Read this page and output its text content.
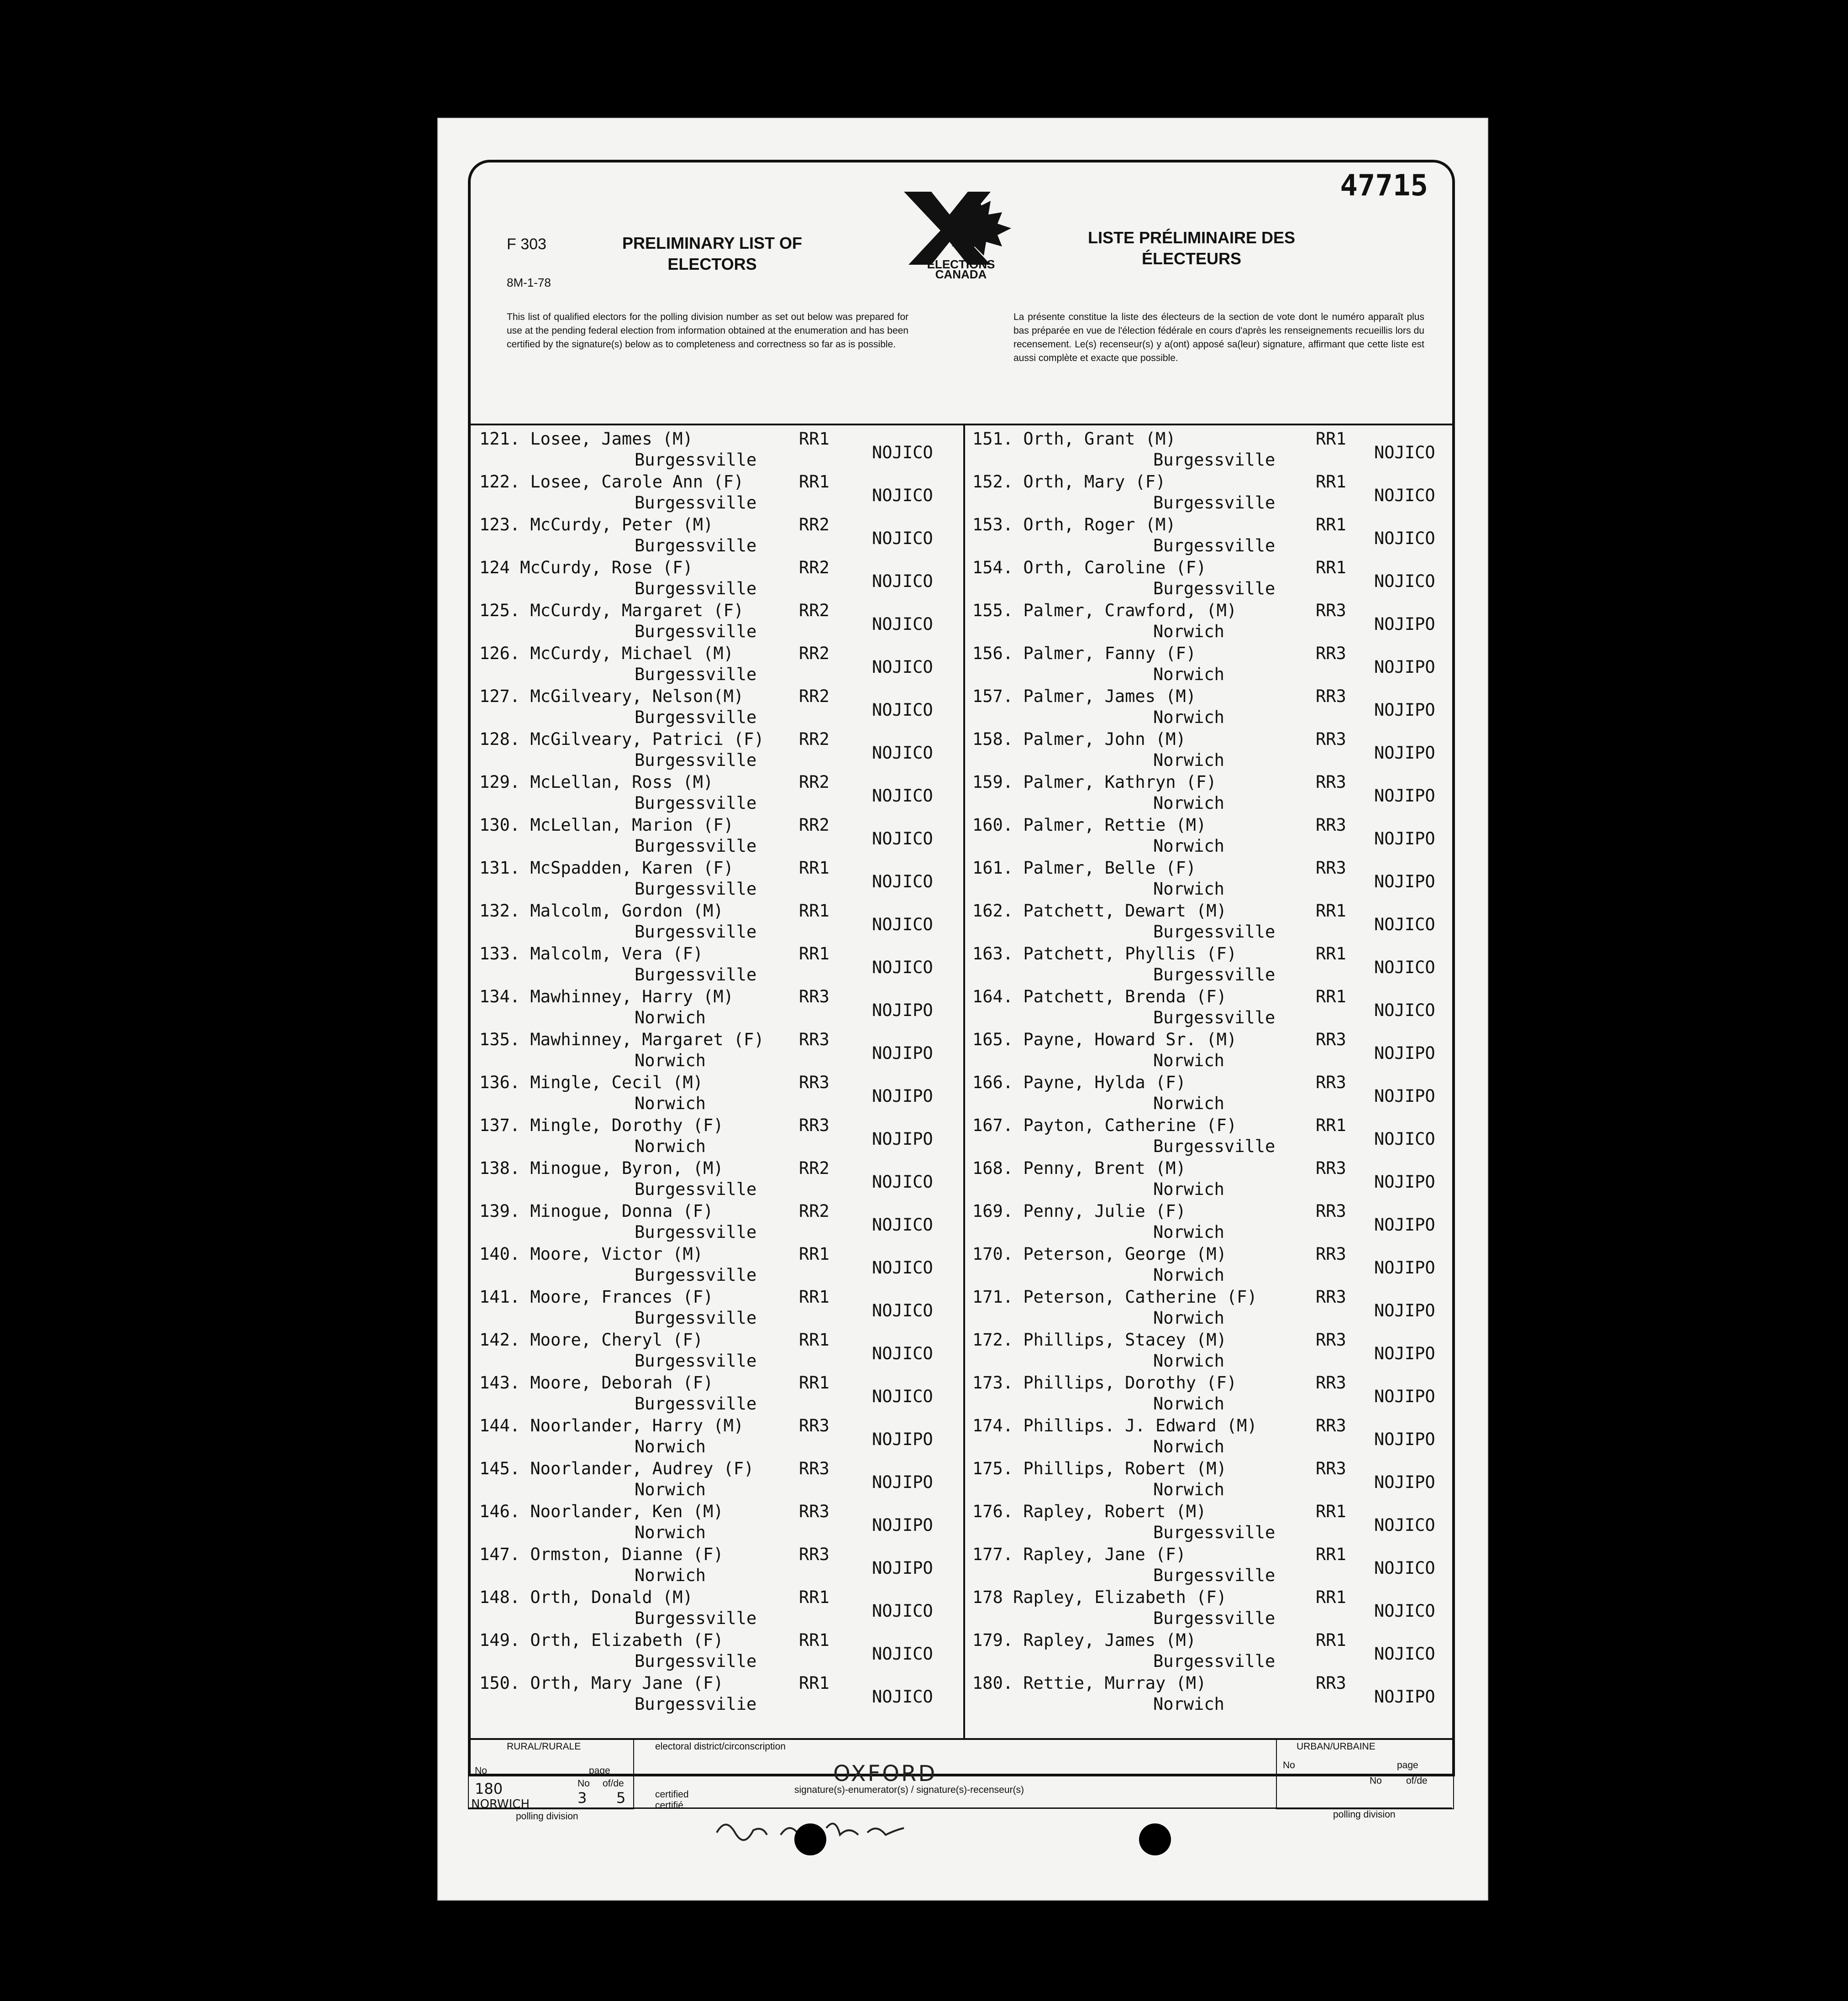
47715
F 303
8M-1-78
PRELIMINARY LIST OF ELECTORS
LISTE PRÉLIMINAIRE DES ÉLECTEURS
ELECTIONS
CANADA
This list of qualified electors for the polling division number as set out below was prepared for use at the pending federal election from information obtained at the enumeration and has been certified by the signature(s) below as to completeness and correctness so far as is possible.
La présente constitue la liste des électeurs de la section de vote dont le numéro apparaît plus bas préparée en vue de l'élection fédérale en cours d'après les renseignements recueillis lors du recensement. Le(s) recenseur(s) y a(ont) apposé sa(leur) signature, affirmant que cette liste est aussi complète et exacte que possible.
121. Losee, James (M)	RR1
Burgessville	NOJICO
122. Losee, Carole Ann (F)	RR1
Burgessville	NOJICO
123. McCurdy, Peter (M)	RR2
Burgessville	NOJICO
124 McCurdy, Rose (F)	RR2
Burgessville	NOJICO
125. McCurdy, Margaret (F)	RR2
Burgessville	NOJICO
126. McCurdy, Michael (M)	RR2
Burgessville	NOJICO
127. McGilveary, Nelson(M)	RR2
Burgessville	NOJICO
128. McGilveary, Patrici (F) RR2
Burgessville	NOJICO
129. McLellan, Ross (M)	RR2
Burgessville	NOJICO
130. McLellan, Marion (F)	RR2
Burgessville	NOJICO
131. McSpadden, Karen (F)	RR1
Burgessville	NOJICO
132. Malcolm, Gordon (M)	RR1
Burgessville	NOJICO
133. Malcolm, Vera (F)	RR1
Burgessville	NOJICO
134. Mawhinney, Harry (M)	RR3
Norwich	NOJIPO
135. Mawhinney, Margaret (F) RR3
Norwich	NOJIPO
136. Mingle, Cecil (M)	RR3
Norwich	NOJIPO
137. Mingle, Dorothy (F)	RR3
Norwich	NOJIPO
138. Minogue, Byron, (M)	RR2
Burgessville	NOJICO
139. Minogue, Donna (F)	RR2
Burgessville	NOJICO
140. Moore, Victor (M)	RR1
Burgessville	NOJICO
141. Moore, Frances (F)	RR1
Burgessville	NOJICO
142. Moore, Cheryl (F)	RR1
Burgessville	NOJICO
143. Moore, Deborah (F)	RR1
Burgessville	NOJICO
144. Noorlander, Harry (M)	RR3
Norwich	NOJIPO
145. Noorlander, Audrey (F)	RR3
Norwich	NOJIPO
146. Noorlander, Ken (M)	RR3
Norwich	NOJIPO
147. Ormston, Dianne (F)	RR3
Norwich	NOJIPO
148. Orth, Donald (M)	RR1
Burgessville	NOJICO
149. Orth, Elizabeth (F)	RR1
Burgessville	NOJICO
150. Orth, Mary Jane (F)	RR1
Burgessvilie	NOJICO
151. Orth, Grant (M)	RR1
Burgessville	NOJICO
152. Orth, Mary (F)	RR1
Burgessville	NOJICO
153. Orth, Roger (M)	RR1
Burgessville	NOJICO
154. Orth, Caroline (F)	RR1
Burgessville	NOJICO
155. Palmer, Crawford, (M)	RR3
Norwich	NOJIPO
156. Palmer, Fanny (F)	RR3
Norwich	NOJIPO
157. Palmer, James (M)	RR3
Norwich	NOJIPO
158. Palmer, John (M)	RR3
Norwich	NOJIPO
159. Palmer, Kathryn (F)	RR3
Norwich	NOJIPO
160. Palmer, Rettie (M)	RR3
Norwich	NOJIPO
161. Palmer, Belle (F)	RR3
Norwich	NOJIPO
162. Patchett, Dewart (M)	RR1
Burgessville	NOJICO
163. Patchett, Phyllis (F)	RR1
Burgessville	NOJICO
164. Patchett, Brenda (F)	RR1
Burgessville	NOJICO
165. Payne, Howard Sr. (M)	RR3
Norwich	NOJIPO
166. Payne, Hylda (F)	RR3
Norwich	NOJIPO
167. Payton, Catherine (F)	RR1
Burgessville	NOJICO
168. Penny, Brent (M)	RR3
Norwich	NOJIPO
169. Penny, Julie (F)	RR3
Norwich	NOJIPO
170. Peterson, George (M)	RR3
Norwich	NOJIPO
171. Peterson, Catherine (F)	RR3
Norwich	NOJIPO
172. Phillips, Stacey (M)	RR3
Norwich	NOJIPO
173. Phillips, Dorothy (F)	RR3
Norwich	NOJIPO
174. Phillips. J. Edward (M)	RR3
Norwich	NOJIPO
175. Phillips, Robert (M)	RR3
Norwich	NOJIPO
176. Rapley, Robert (M)	RR1
Burgessville	NOJICO
177. Rapley, Jane (F)	RR1
Burgessville	NOJICO
178 Rapley, Elizabeth (F)	RR1
Burgessville	NOJICO
179. Rapley, James (M)	RR1
Burgessville	NOJICO
180. Rettie, Murray (M)	RR3
Norwich	NOJIPO
RURAL/RURALE
No	page
No of/de
180
NORWICH	3 5
polling division
electoral district/circonscription
OXFORD
certified certifié
signature(s)-enumerator(s) / signature(s)-recenseur(s)
URBAN/URBAINE
No	page
No	of/de
polling division
